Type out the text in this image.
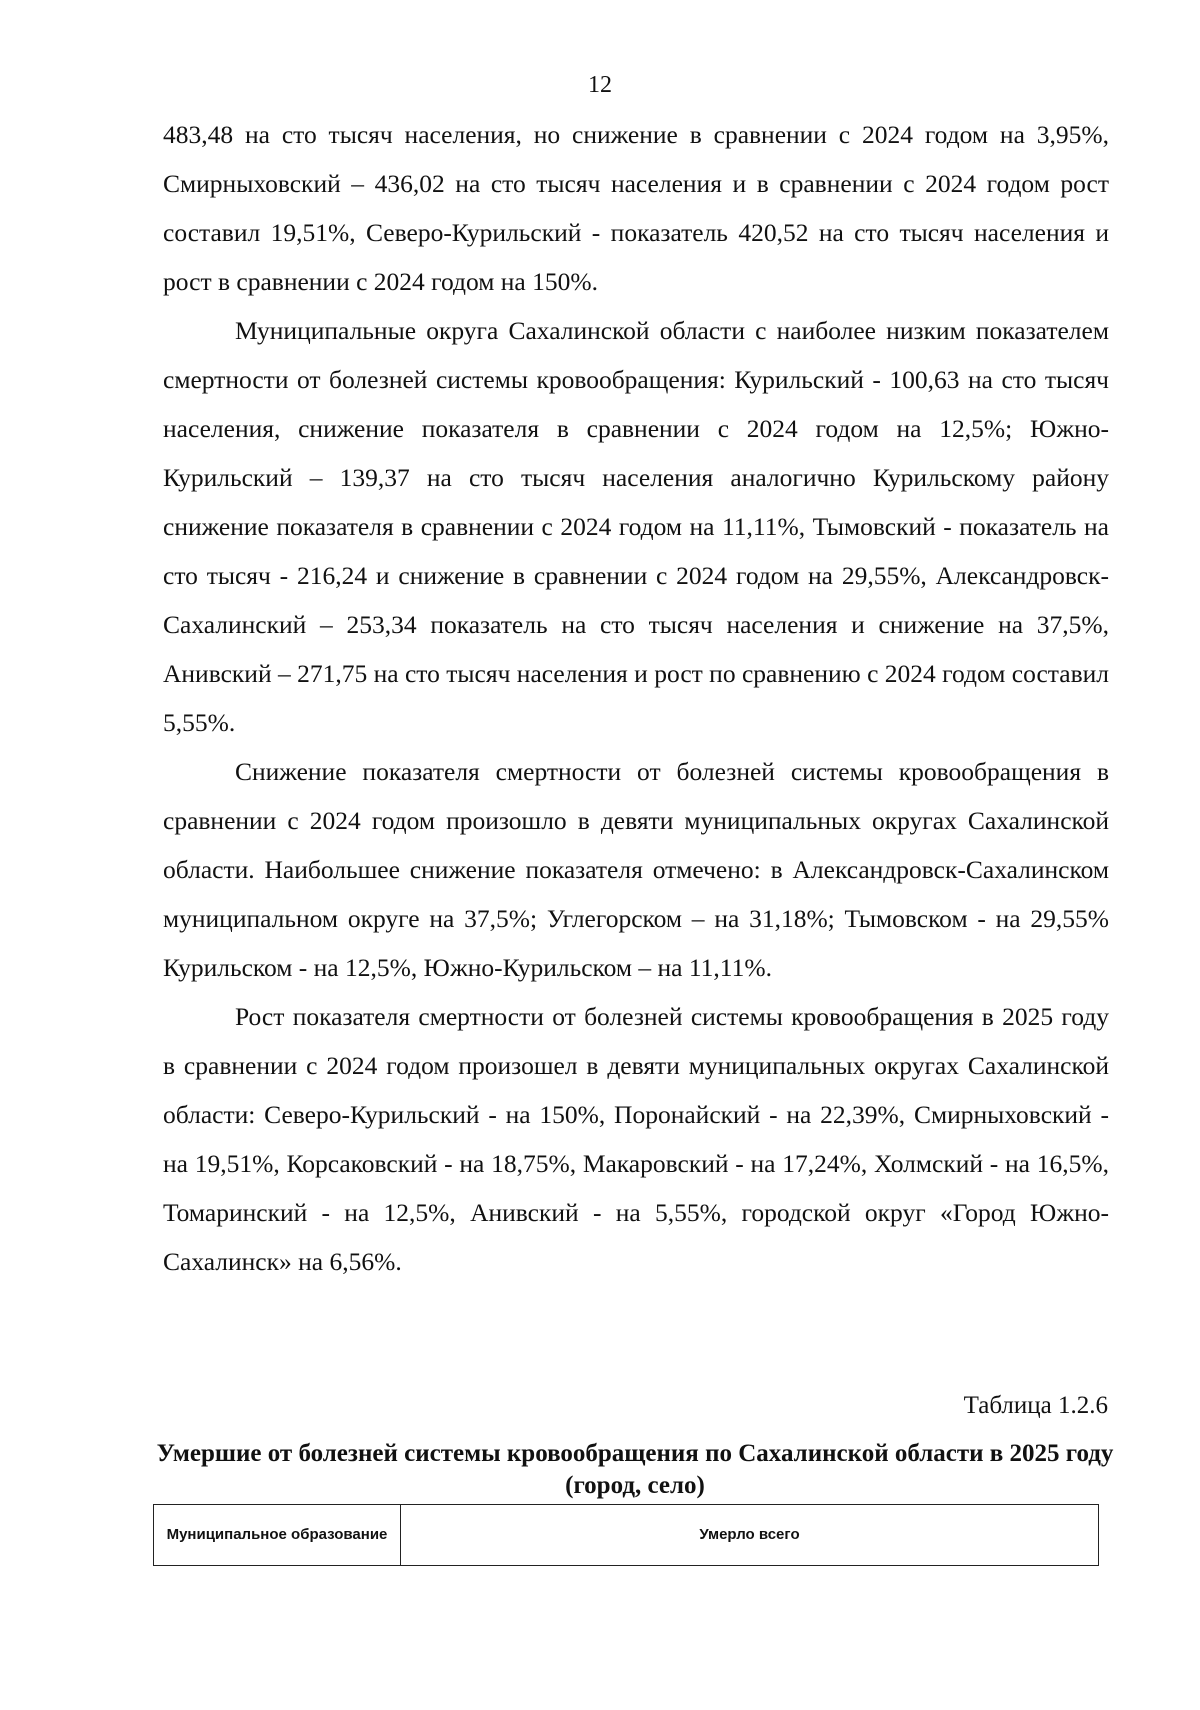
12

483,48 на сто тысяч населения, но снижение в сравнении с 2024 годом на 3,95%, Смирныховский – 436,02 на сто тысяч населения и в сравнении с 2024 годом рост составил 19,51%, Северо-Курильский - показатель 420,52 на сто тысяч населения и рост в сравнении с 2024 годом на 150%.

Муниципальные округа Сахалинской области с наиболее низким показателем смертности от болезней системы кровообращения: Курильский - 100,63 на сто тысяч населения, снижение показателя в сравнении с 2024 годом на 12,5%; Южно-Курильский – 139,37 на сто тысяч населения аналогично Курильскому району снижение показателя в сравнении с 2024 годом на 11,11%, Тымовский - показатель на сто тысяч - 216,24 и снижение в сравнении с 2024 годом на 29,55%, Александровск-Сахалинский – 253,34 показатель на сто тысяч населения и снижение на 37,5%, Анивский – 271,75 на сто тысяч населения и рост по сравнению с 2024 годом составил 5,55%.

Снижение показателя смертности от болезней системы кровообращения в сравнении с 2024 годом произошло в девяти муниципальных округах Сахалинской области. Наибольшее снижение показателя отмечено: в Александровск-Сахалинском муниципальном округе на 37,5%; Углегорском – на 31,18%; Тымовском - на 29,55% Курильском - на 12,5%, Южно-Курильском – на 11,11%.

Рост показателя смертности от болезней системы кровообращения в 2025 году в сравнении с 2024 годом произошел в девяти муниципальных округах Сахалинской области: Северо-Курильский - на 150%, Поронайский - на 22,39%, Смирныховский - на 19,51%, Корсаковский - на 18,75%, Макаровский - на 17,24%, Холмский - на 16,5%, Томаринский - на 12,5%, Анивский - на 5,55%, городской округ «Город Южно-Сахалинск» на 6,56%.

Таблица 1.2.6
Умершие от болезней системы кровообращения по Сахалинской области в 2025 году (город, село)
Муниципальное образование	Умерло всего
